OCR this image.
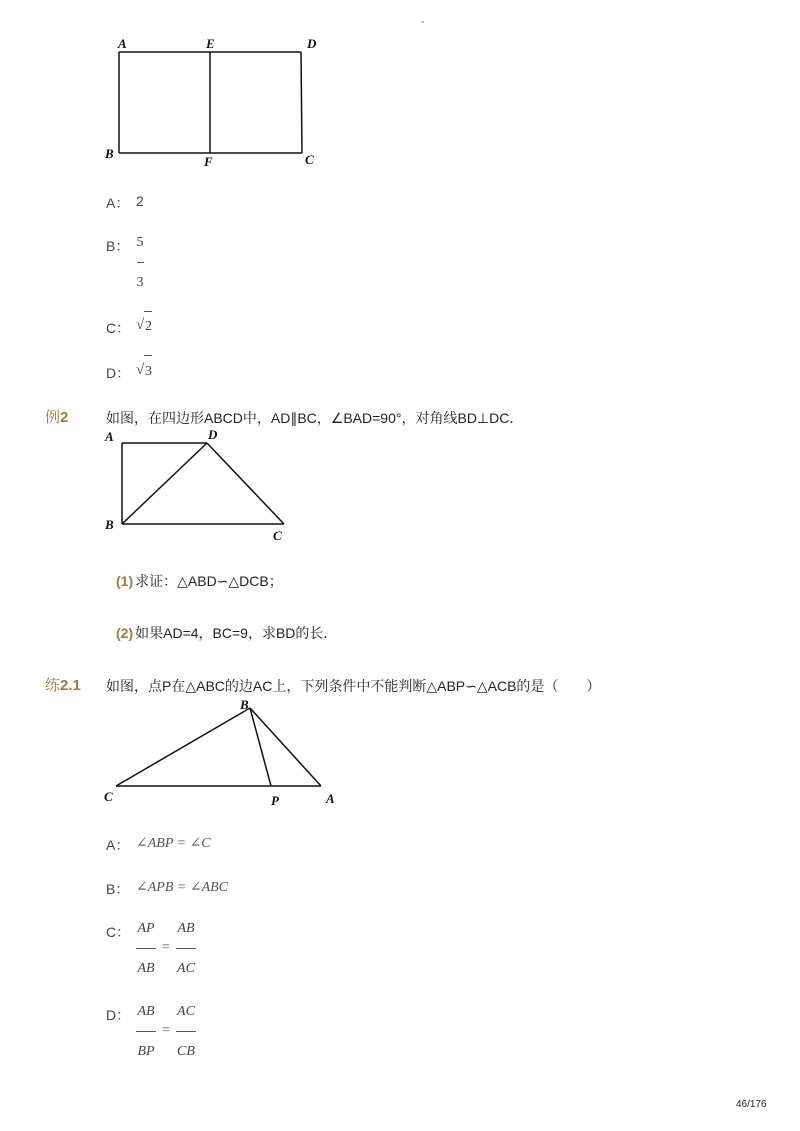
-
A	E	D
B
F	C
A： 2
B： 5
3
C： √ 2
D： √ 3
例2	如图，在四边形ABCD中，AD∥BC，∠BAD=90°，对角线BD⊥DC．
A	D
B
C
(1) 求证：△ABD∽△DCB；
(2) 如果AD=4，BC=9，求BD的长．
练2.1 如图，点P在△ABC的边AC上，下列条件中不能判断△ABP∽△ACB的是（　　）
B
C	P	A
A： ∠ABP = ∠C
B： ∠APB = ∠ABC
C： AP
AB
=
AB
AC
D： AB
BP
=
AC
CB
46/176
